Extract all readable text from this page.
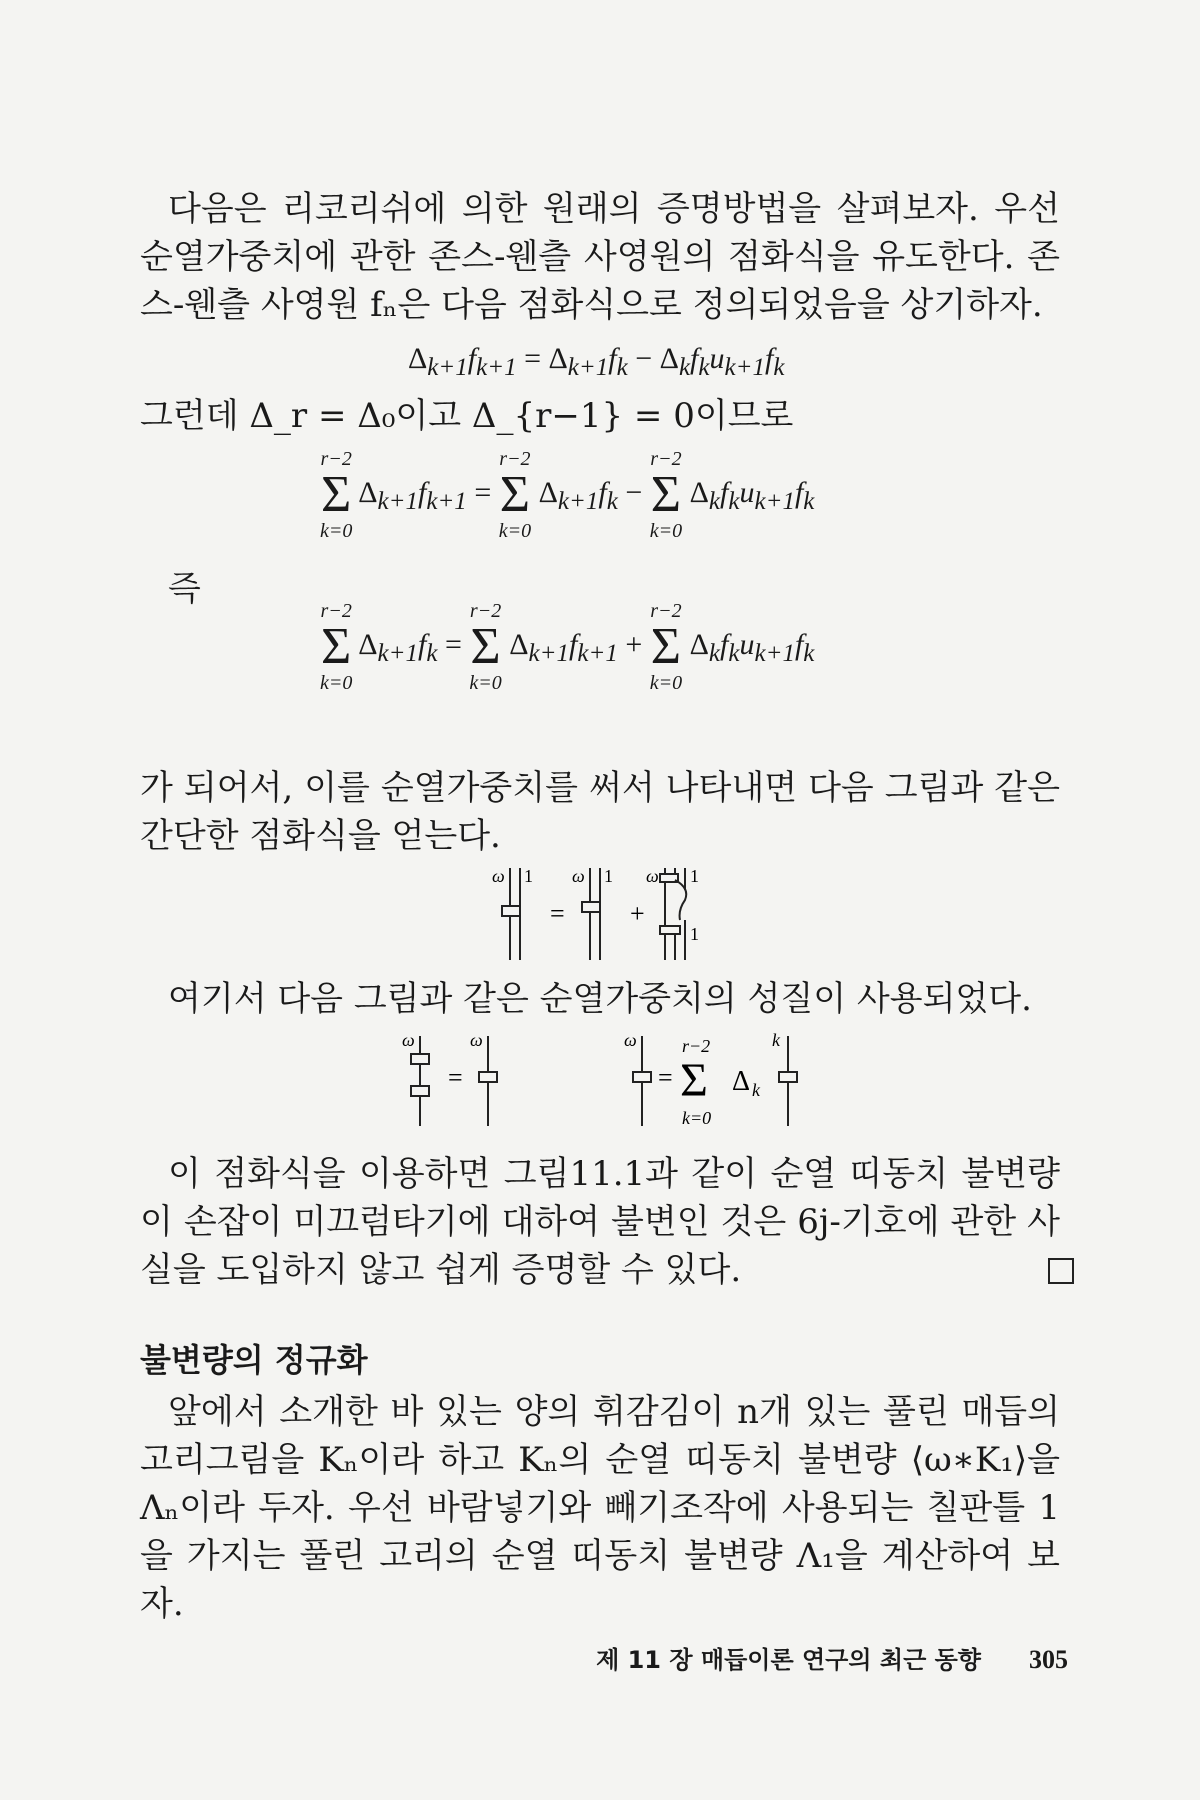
다음은 리코리쉬에 의한 원래의 증명방법을 살펴보자. 우선 순열가중치에 관한 존스-웬츨 사영원의 점화식을 유도한다. 존스-웬츨 사영원 fₙ은 다음 점화식으로 정의되었음을 상기하자.

$\Delta_{k+1}f_{k+1} = \Delta_{k+1}f_k - \Delta_kf_ku_{k+1}f_k$
그런데 Δ_r = Δ₀이고 Δ_{r−1} = 0이므로
r−2
Σ
k=0
$\Delta_{k+1}f_{k+1}$ =
r−2
Σ
k=0
$\Delta_{k+1}f_k$ −
r−2
Σ
k=0
$\Delta_kf_ku_{k+1}f_k$
즉
r−2
Σ
k=0
$\Delta_{k+1}f_k$ =
r−2
Σ
k=0
$\Delta_{k+1}f_{k+1}$ +
r−2
Σ
k=0
$\Delta_kf_ku_{k+1}f_k$

가 되어서, 이를 순열가중치를 써서 나타내면 다음 그림과 같은 간단한 점화식을 얻는다.

ω 1
=
ω 1
+
ω 1
1

여기서 다음 그림과 같은 순열가중치의 성질이 사용되었다.

ω
=
ω	ω
=
r−2
Σ
k=0
Δ k
k

이 점화식을 이용하면 그림11.1과 같이 순열 띠동치 불변량이 손잡이 미끄럼타기에 대하여 불변인 것은 6j-기호에 관한 사실을 도입하지 않고 쉽게 증명할 수 있다.

불변량의 정규화

앞에서 소개한 바 있는 양의 휘감김이 n개 있는 풀린 매듭의 고리그림을 Kₙ이라 하고 Kₙ의 순열 띠동치 불변량 ⟨ω∗K₁⟩을 Λₙ이라 두자. 우선 바람넣기와 빼기조작에 사용되는 칠판틀 1을 가지는 풀린 고리의 순열 띠동치 불변량 Λ₁을 계산하여 보자.

제 11 장 매듭이론 연구의 최근 동향 305
